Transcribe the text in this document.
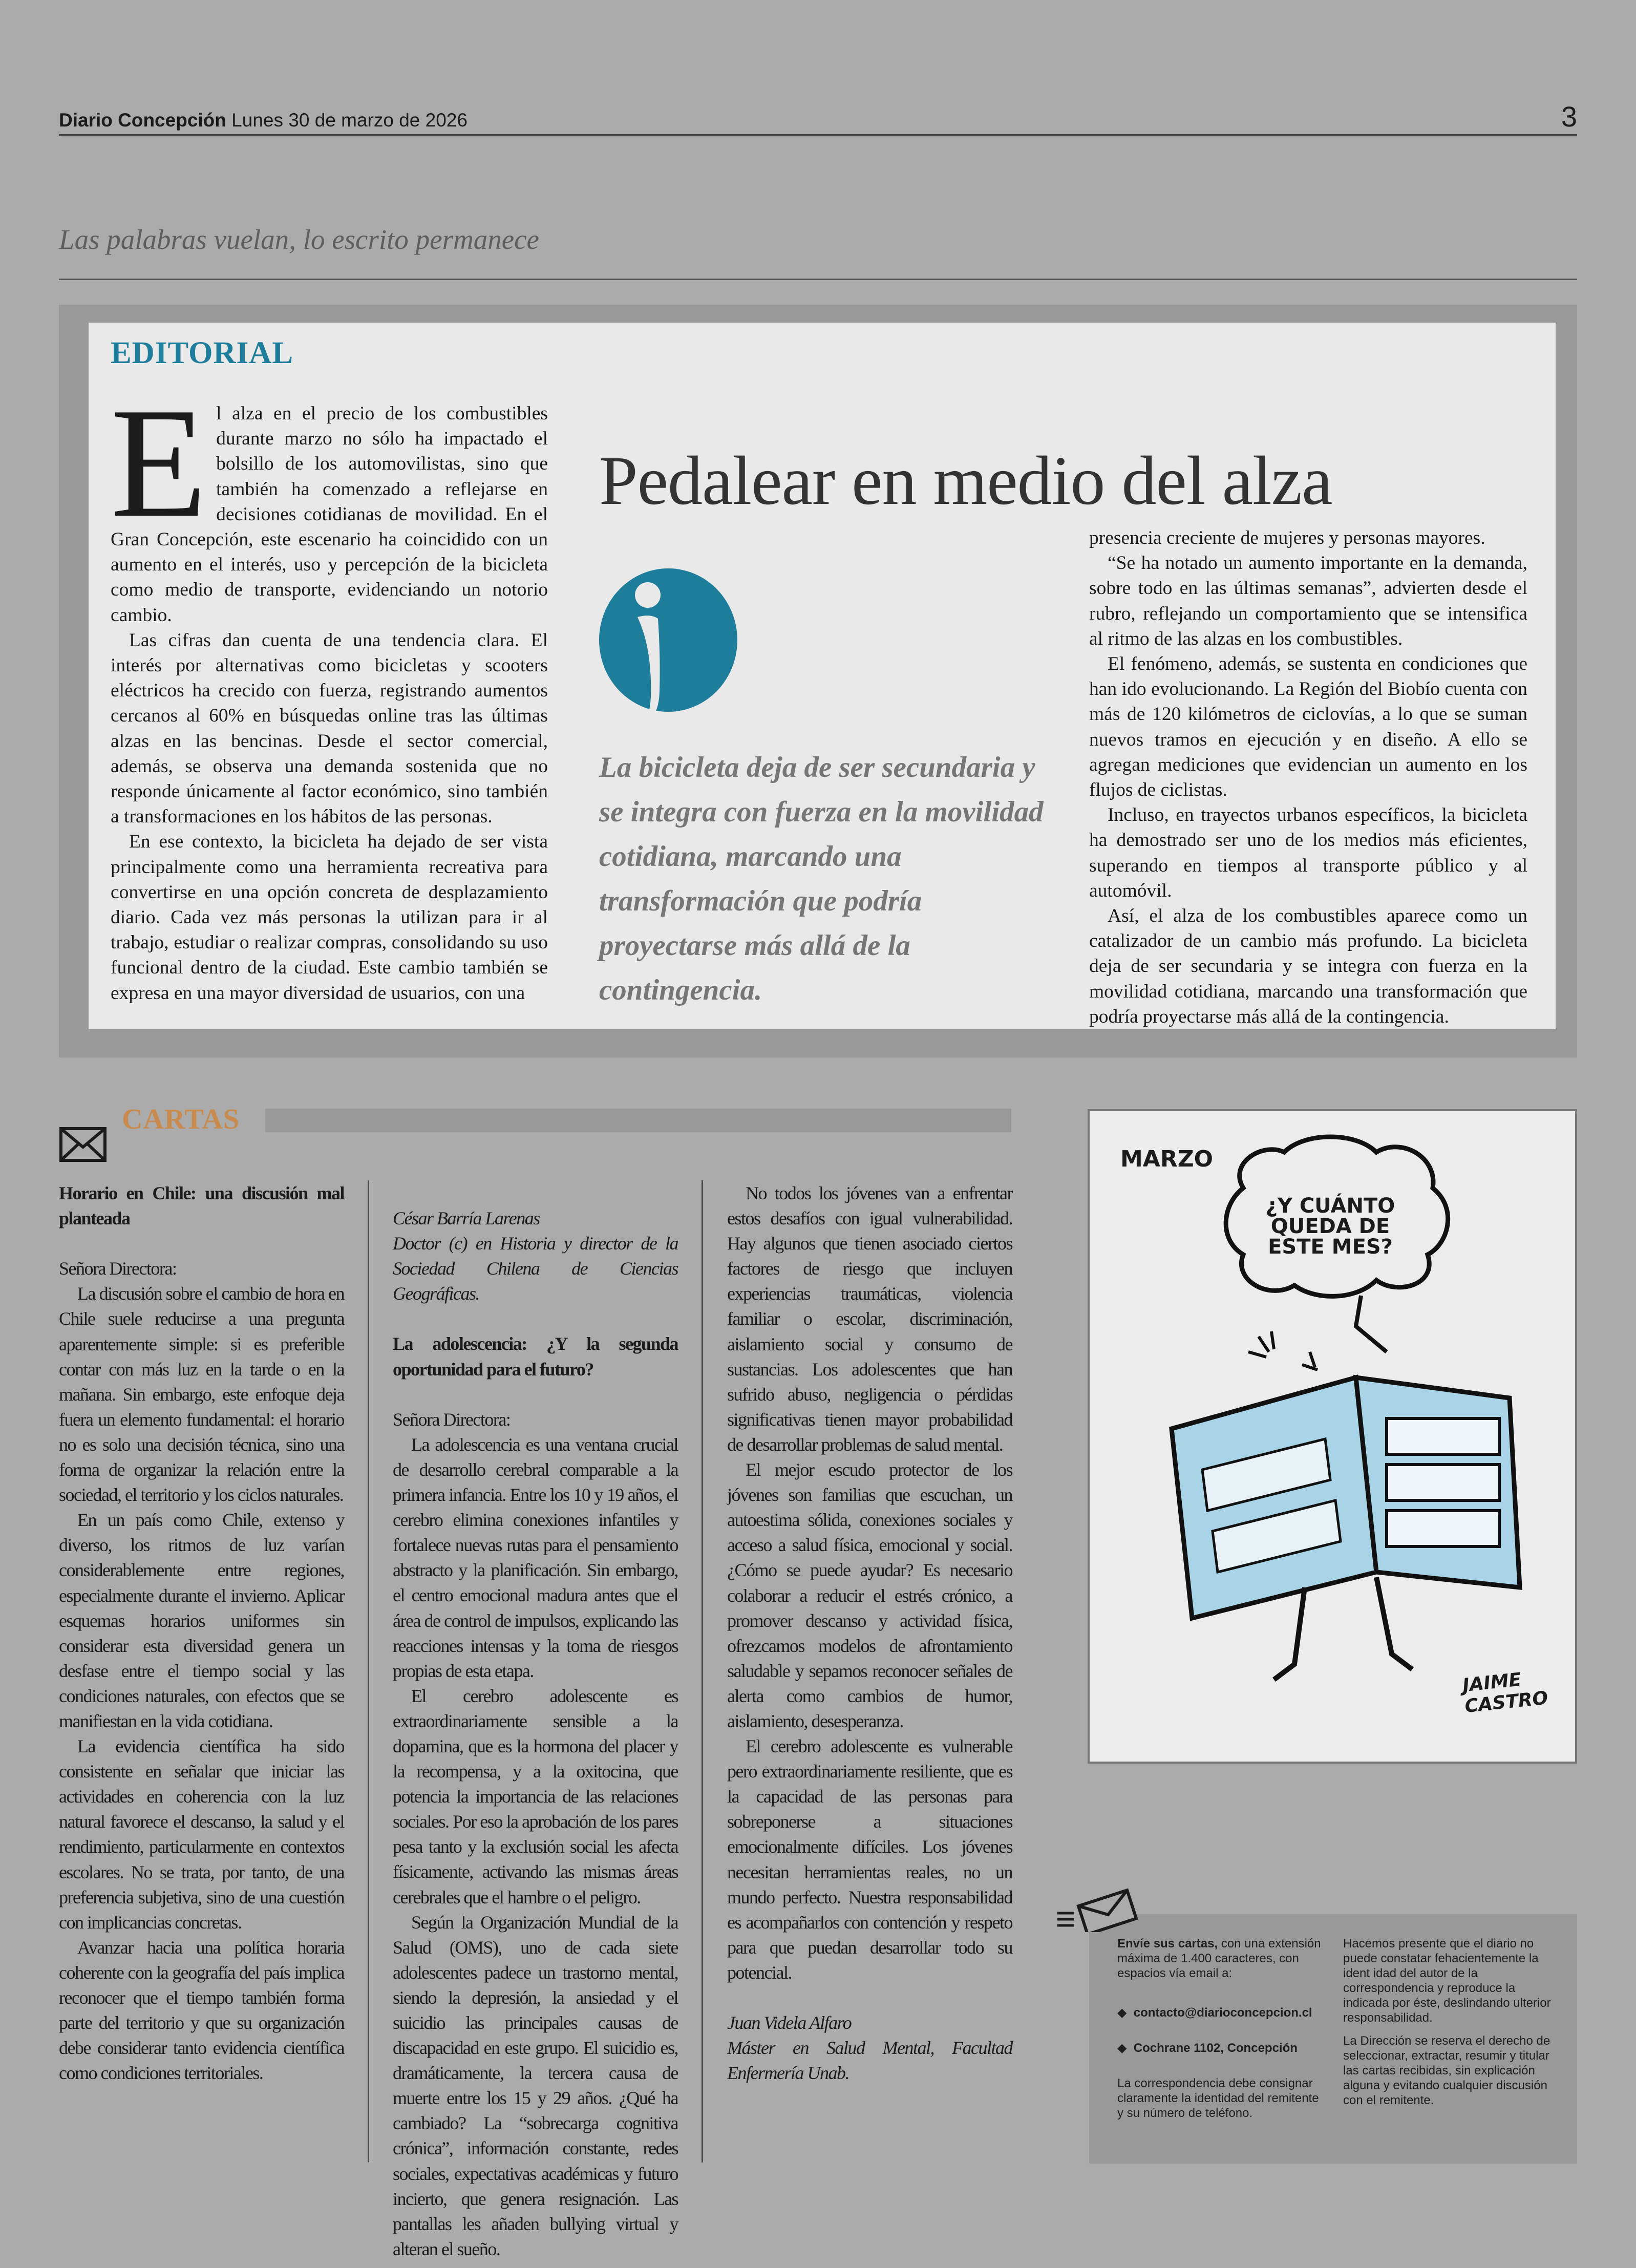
Diario Concepción Lunes 30 de marzo de 2026	3
Las palabras vuelan, lo escrito permanece
EDITORIAL
E l alza en el precio de los combustibles durante marzo no sólo ha impactado el bolsillo de los automovilistas, sino que también ha comenzado a reflejarse en decisiones cotidianas de movilidad. En el Gran Concepción, este escenario ha coincidido con un aumento en el interés, uso y percepción de la bicicleta como medio de transporte, evidenciando un notorio cambio.

Las cifras dan cuenta de una tendencia clara. El interés por alternativas como bicicletas y scooters eléctricos ha crecido con fuerza, registrando aumentos cercanos al 60% en búsquedas online tras las últimas alzas en las bencinas. Desde el sector comercial, además, se observa una demanda sostenida que no responde únicamente al factor económico, sino también a transformaciones en los hábitos de las personas.

En ese contexto, la bicicleta ha dejado de ser vista principalmente como una herramienta recreativa para convertirse en una opción concreta de desplazamiento diario. Cada vez más personas la utilizan para ir al trabajo, estudiar o realizar compras, consolidando su uso funcional dentro de la ciudad. Este cambio también se expresa en una mayor diversidad de usuarios, con una

Pedalear en medio del alza
La bicicleta deja de ser secundaria y se integra con fuerza en la movilidad cotidiana, marcando una transformación que podría proyectarse más allá de la contingencia.

presencia creciente de mujeres y personas mayores.

“Se ha notado un aumento importante en la demanda, sobre todo en las últimas semanas”, advierten desde el rubro, reflejando un comportamiento que se intensifica al ritmo de las alzas en los combustibles.

El fenómeno, además, se sustenta en condiciones que han ido evolucionando. La Región del Biobío cuenta con más de 120 kilómetros de ciclovías, a lo que se suman nuevos tramos en ejecución y en diseño. A ello se agregan mediciones que evidencian un aumento en los flujos de ciclistas.

Incluso, en trayectos urbanos específicos, la bicicleta ha demostrado ser uno de los medios más eficientes, superando en tiempos al transporte público y al automóvil.

Así, el alza de los combustibles aparece como un catalizador de un cambio más profundo. La bicicleta deja de ser secundaria y se integra con fuerza en la movilidad cotidiana, marcando una transformación que podría proyectarse más allá de la contingencia.

CARTAS

Horario en Chile: una discusión mal planteada

Señora Directora:

La discusión sobre el cambio de hora en Chile suele reducirse a una pregunta aparentemente simple: si es preferible contar con más luz en la tarde o en la mañana. Sin embargo, este enfoque deja fuera un elemento fundamental: el horario no es solo una decisión técnica, sino una forma de organizar la relación entre la sociedad, el territorio y los ciclos naturales.

En un país como Chile, extenso y diverso, los ritmos de luz varían considerablemente entre regiones, especialmente durante el invierno. Aplicar esquemas horarios uniformes sin considerar esta diversidad genera un desfase entre el tiempo social y las condiciones naturales, con efectos que se manifiestan en la vida cotidiana.

La evidencia científica ha sido consistente en señalar que iniciar las actividades en coherencia con la luz natural favorece el descanso, la salud y el rendimiento, particularmente en contextos escolares. No se trata, por tanto, de una preferencia subjetiva, sino de una cuestión con implicancias concretas.

Avanzar hacia una política horaria coherente con la geografía del país implica reconocer que el tiempo también forma parte del territorio y que su organización debe considerar tanto evidencia científica como condiciones territoriales.

César Barría Larenas

Doctor (c) en Historia y director de la Sociedad Chilena de Ciencias Geográficas.

La adolescencia: ¿Y la segunda oportunidad para el futuro?

Señora Directora:

La adolescencia es una ventana crucial de desarrollo cerebral comparable a la primera infancia. Entre los 10 y 19 años, el cerebro elimina conexiones infantiles y fortalece nuevas rutas para el pensamiento abstracto y la planificación. Sin embargo, el centro emocional madura antes que el área de control de impulsos, explicando las reacciones intensas y la toma de riesgos propias de esta etapa.

El cerebro adolescente es extraordinariamente sensible a la dopamina, que es la hormona del placer y la recompensa, y a la oxitocina, que potencia la importancia de las relaciones sociales. Por eso la aprobación de los pares pesa tanto y la exclusión social les afecta físicamente, activando las mismas áreas cerebrales que el hambre o el peligro.

Según la Organización Mundial de la Salud (OMS), uno de cada siete adolescentes padece un trastorno mental, siendo la depresión, la ansiedad y el suicidio las principales causas de discapacidad en este grupo. El suicidio es, dramáticamente, la tercera causa de muerte entre los 15 y 29 años. ¿Qué ha cambiado? La “sobrecarga cognitiva crónica”, información constante, redes sociales, expectativas académicas y futuro incierto, que genera resignación. Las pantallas les añaden bullying virtual y alteran el sueño.

No todos los jóvenes van a enfrentar estos desafíos con igual vulnerabilidad. Hay algunos que tienen asociado ciertos factores de riesgo que incluyen experiencias traumáticas, violencia familiar o escolar, discriminación, aislamiento social y consumo de sustancias. Los adolescentes que han sufrido abuso, negligencia o pérdidas significativas tienen mayor probabilidad de desarrollar problemas de salud mental.

El mejor escudo protector de los jóvenes son familias que escuchan, un autoestima sólida, conexiones sociales y acceso a salud física, emocional y social. ¿Cómo se puede ayudar? Es necesario colaborar a reducir el estrés crónico, a promover descanso y actividad física, ofrezcamos modelos de afrontamiento saludable y sepamos reconocer señales de alerta como cambios de humor, aislamiento, desesperanza.

El cerebro adolescente es vulnerable pero extraordinariamente resiliente, que es la capacidad de las personas para sobreponerse a situaciones emocionalmente difíciles. Los jóvenes necesitan herramientas reales, no un mundo perfecto. Nuestra responsabilidad es acompañarlos con contención y respeto para que puedan desarrollar todo su potencial.

Juan Videla Alfaro

Máster en Salud Mental, Facultad Enfermería Unab.

MARZO
¿Y CUÁNTO QUEDA DE ESTE MES?
JAIME CASTRO
Envíe sus cartas, con una extensión máxima de 1.400 caracteres, con espacios vía email a:
◆  contacto@diarioconcepcion.cl
◆  Cochrane 1102, Concepción
La correspondencia debe consignar claramente la identidad del remitente y su número de teléfono.
Hacemos presente que el diario no puede constatar fehacientemente la ident idad del autor de la correspondencia y reproduce la indicada por éste, deslindando ulterior responsabilidad.
La Dirección se reserva el derecho de seleccionar, extractar, resumir y titular las cartas recibidas, sin explicación alguna y evitando cualquier discusión con el remitente.
